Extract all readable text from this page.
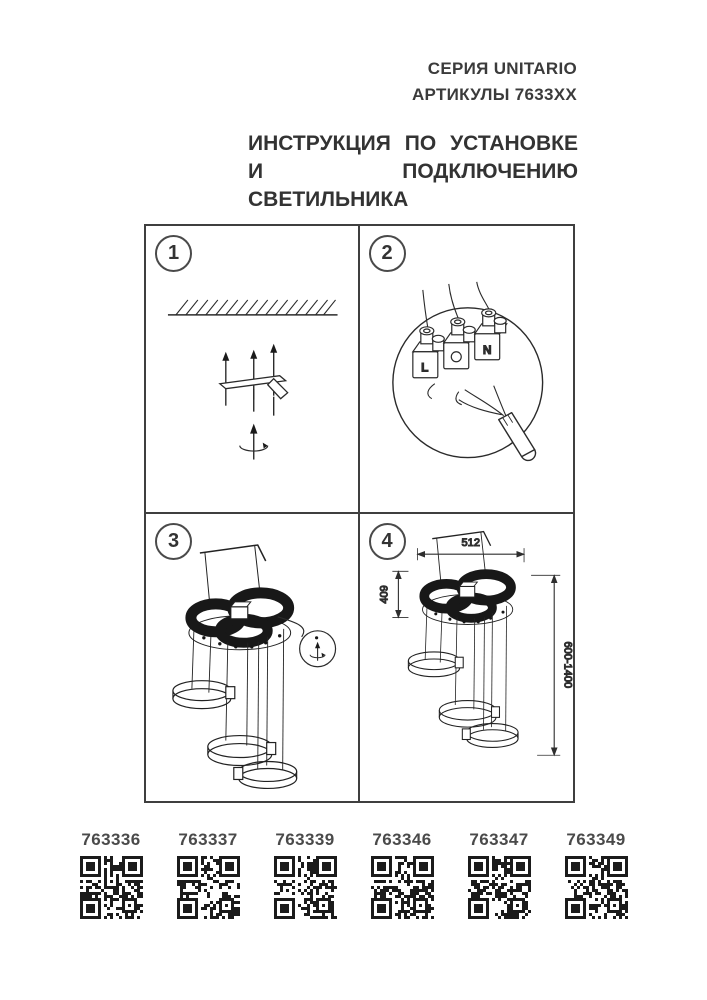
СЕРИЯ UNITARIO
АРТИКУЛЫ 7633XX
ИНСТРУКЦИЯ ПО УСТАНОВКЕ
И ПОДКЛЮЧЕНИЮ СВЕТИЛЬНИКА
1
L
N
2
3	512
409
600-1400
4
763336 763337 763339 763346 763347 763349
